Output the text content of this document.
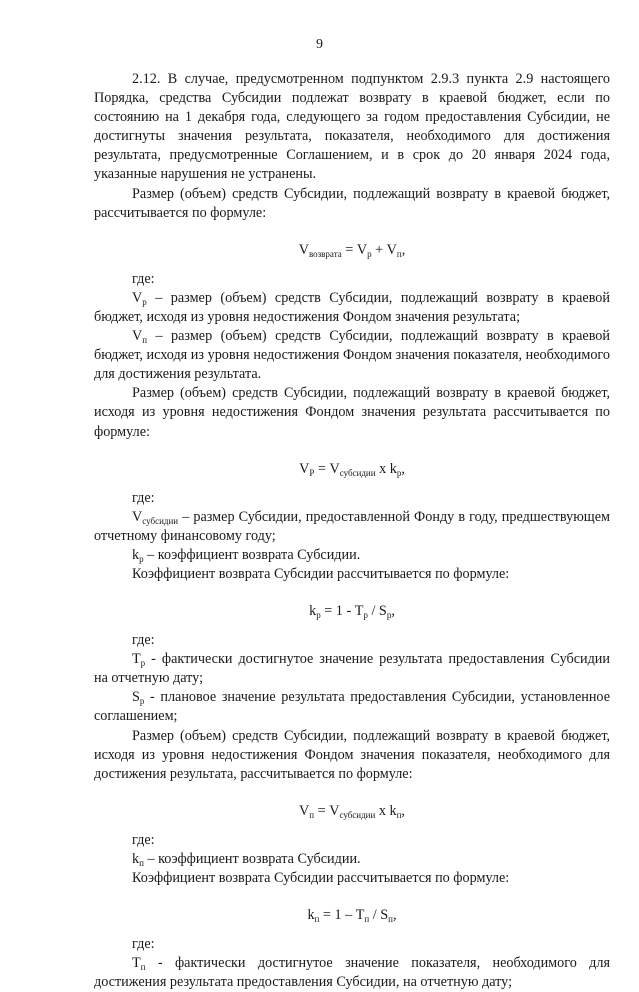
9

2.12. В случае, предусмотренном подпунктом 2.9.3 пункта 2.9 настоящего Порядка, средства Субсидии подлежат возврату в краевой бюджет, если по состоянию на 1 декабря года, следующего за годом предоставления Субсидии, не достигнуты значения результата, показателя, необходимого для достижения результата, предусмотренные Соглашением, и в срок до 20 января 2024 года, указанные нарушения не устранены.

Размер (объем) средств Субсидии, подлежащий возврату в краевой бюджет, рассчитывается по формуле:

$V_{возврата} = V_р + V_п$,

где:

$V_р$ – размер (объем) средств Субсидии, подлежащий возврату в краевой бюджет, исходя из уровня недостижения Фондом значения результата;

$V_п$ – размер (объем) средств Субсидии, подлежащий возврату в краевой бюджет, исходя из уровня недостижения Фондом значения показателя, необходимого для достижения результата.

Размер (объем) средств Субсидии, подлежащий возврату в краевой бюджет, исходя из уровня недостижения Фондом значения результата рассчитывается по формуле:

$V_Р = V_{субсидии}$ x $k_р$,

где:

$V_{субсидии}$ – размер Субсидии, предоставленной Фонду в году, предшествующем отчетному финансовому году;

$k_р$ – коэффициент возврата Субсидии.

Коэффициент возврата Субсидии рассчитывается по формуле:

$k_р = 1 - T_р / S_р$,

где:

$T_р$ - фактически достигнутое значение результата предоставления Субсидии на отчетную дату;

$S_р$ - плановое значение результата предоставления Субсидии, установленное соглашением;

Размер (объем) средств Субсидии, подлежащий возврату в краевой бюджет, исходя из уровня недостижения Фондом значения показателя, необходимого для достижения результата, рассчитывается по формуле:

$V_п = V_{субсидии}$ x $k_п$,

где:

$k_п$ – коэффициент возврата Субсидии.

Коэффициент возврата Субсидии рассчитывается по формуле:

$k_п = 1 - T_п / S_п$,

где:

$T_п$ - фактически достигнутое значение показателя, необходимого для достижения результата предоставления Субсидии, на отчетную дату;
